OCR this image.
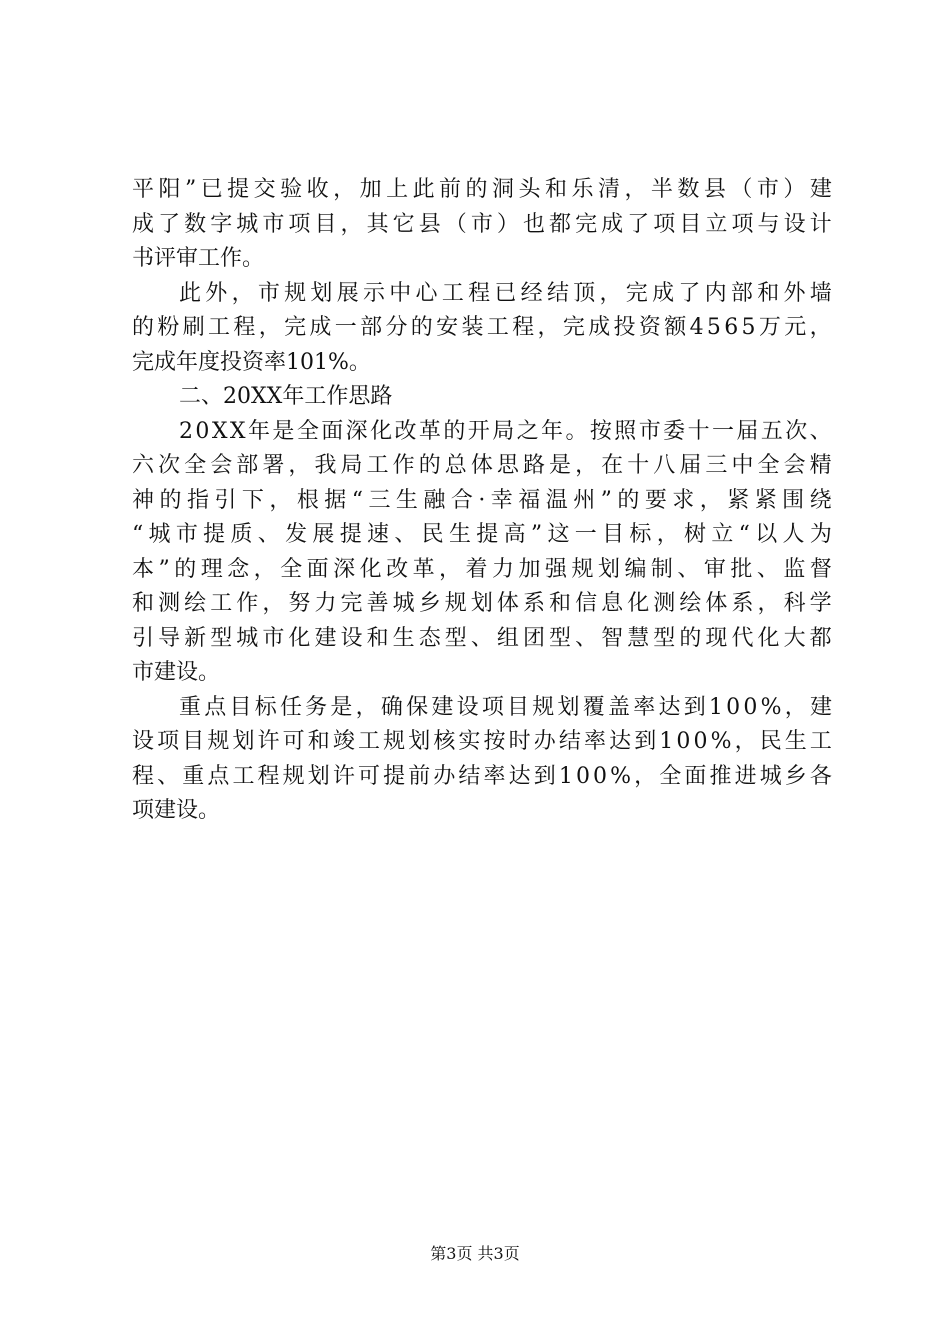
平 阳 ” 已 提 交 验 收 ， 加 上 此 前 的 洞 头 和 乐 清 ， 半 数 县 （ 市 ） 建
成 了 数 字 城 市 项 目 ， 其 它 县 （ 市 ） 也 都 完 成 了 项 目 立 项 与 设 计
书评审工作。
此 外 ， 市 规 划 展 示 中 心 工 程 已 经 结 顶 ， 完 成 了 内 部 和 外 墙
的 粉 刷 工 程 ， 完 成 一 部 分 的 安 装 工 程 ， 完 成 投 资 额 4 5 6 5 万 元 ，
完成年度投资率101%。
二、20XX年工作思路
2 0 X X 年 是 全 面 深 化 改 革 的 开 局 之 年 。 按 照 市 委 十 一 届 五 次 、
六 次 全 会 部 署 ， 我 局 工 作 的 总 体 思 路 是 ， 在 十 八 届 三 中 全 会 精
神 的 指 引 下 ， 根 据 “ 三 生 融 合 · 幸 福 温 州 ” 的 要 求 ， 紧 紧 围 绕
“ 城 市 提 质 、 发 展 提 速 、 民 生 提 高 ” 这 一 目 标 ， 树 立 “ 以 人 为
本 ” 的 理 念 ， 全 面 深 化 改 革 ， 着 力 加 强 规 划 编 制 、 审 批 、 监 督
和 测 绘 工 作 ， 努 力 完 善 城 乡 规 划 体 系 和 信 息 化 测 绘 体 系 ， 科 学
引 导 新 型 城 市 化 建 设 和 生 态 型 、 组 团 型 、 智 慧 型 的 现 代 化 大 都
市建设。
重 点 目 标 任 务 是 ， 确 保 建 设 项 目 规 划 覆 盖 率 达 到 1 0 0 % ， 建
设 项 目 规 划 许 可 和 竣 工 规 划 核 实 按 时 办 结 率 达 到 1 0 0 % ， 民 生 工
程 、 重 点 工 程 规 划 许 可 提 前 办 结 率 达 到 1 0 0 % ， 全 面 推 进 城 乡 各
项建设。
第3页 共3页
